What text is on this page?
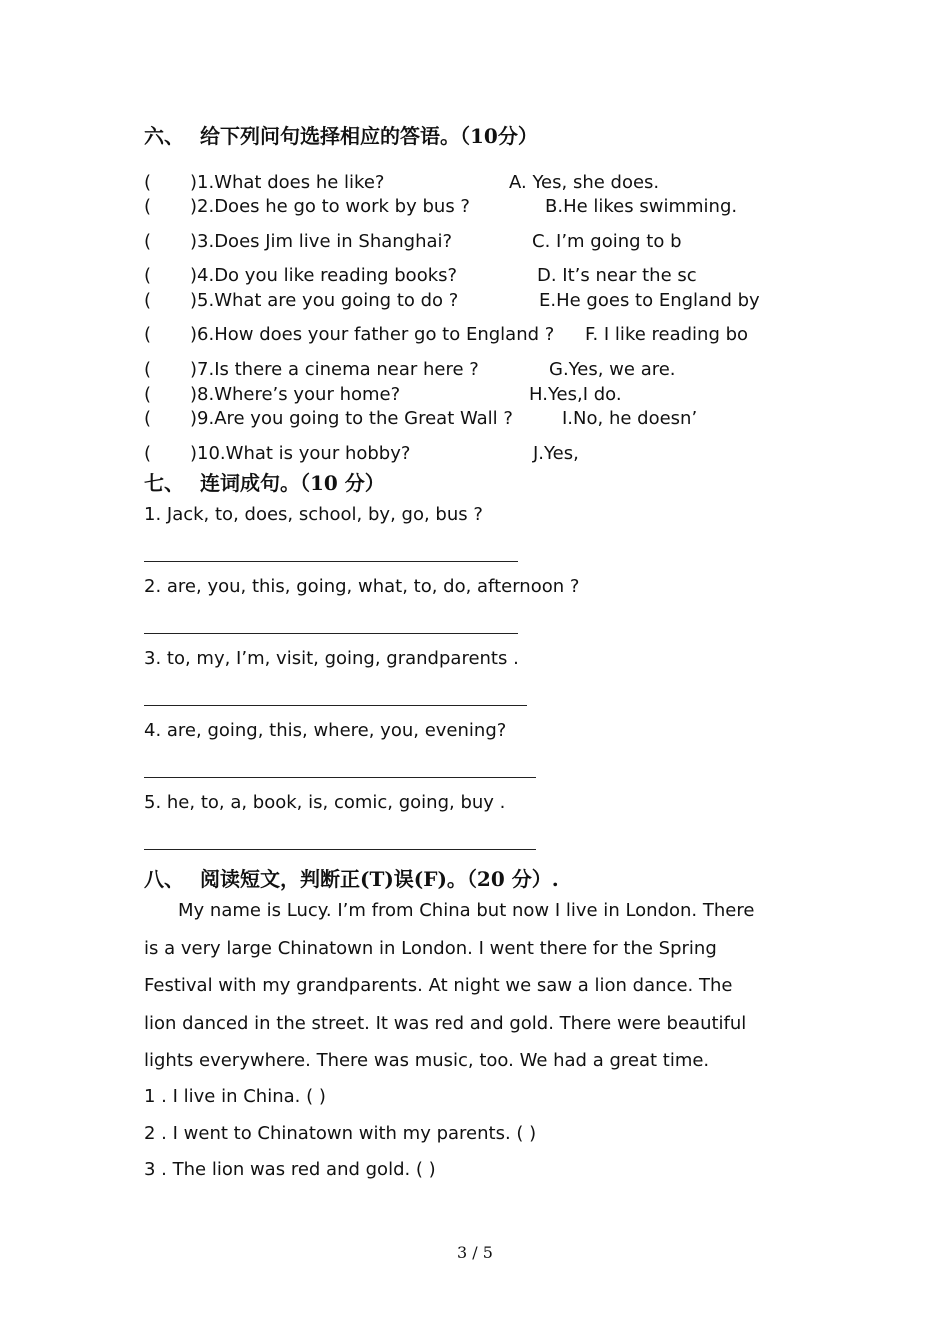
六、 给下列问句选择相应的答语。（10分）
( )1.What does he like?	A. Yes, she does.
( )2.Does he go to work by bus ?	B.He likes swimming.
( )3.Does Jim live in Shanghai?	C. I’m going to b
( )4.Do you like reading books?	D. It’s near the sc
( )5.What are you going to do ?	E.He goes to England by
( )6.How does your father go to England ? F. I like reading bo
( )7.Is there a cinema near here ?	G.Yes, we are.
( )8.Where’s your home?	H.Yes,I do.
( )9.Are you going to the Great Wall ?	I.No, he doesn’
( )10.What is your hobby?	J.Yes,
七、 连词成句。（10 分）
1. Jack, to, does, school, by, go, bus ?
2. are, you, this, going, what, to, do, afternoon ?
3. to, my, I’m, visit, going, grandparents .
4. are, going, this, where, you, evening?
5. he, to, a, book, is, comic, going, buy .
八、 阅读短文，判断正(T)误(F)。（20 分）.
My name is Lucy. I’m from China but now I live in London. There
is a very large Chinatown in London. I went there for the Spring
Festival with my grandparents. At night we saw a lion dance. The
lion danced in the street. It was red and gold. There were beautiful
lights everywhere. There was music, too. We had a great time.
1 . I live in China. ( )
2 . I went to Chinatown with my parents. ( )
3 . The lion was red and gold. ( )
3 / 5
